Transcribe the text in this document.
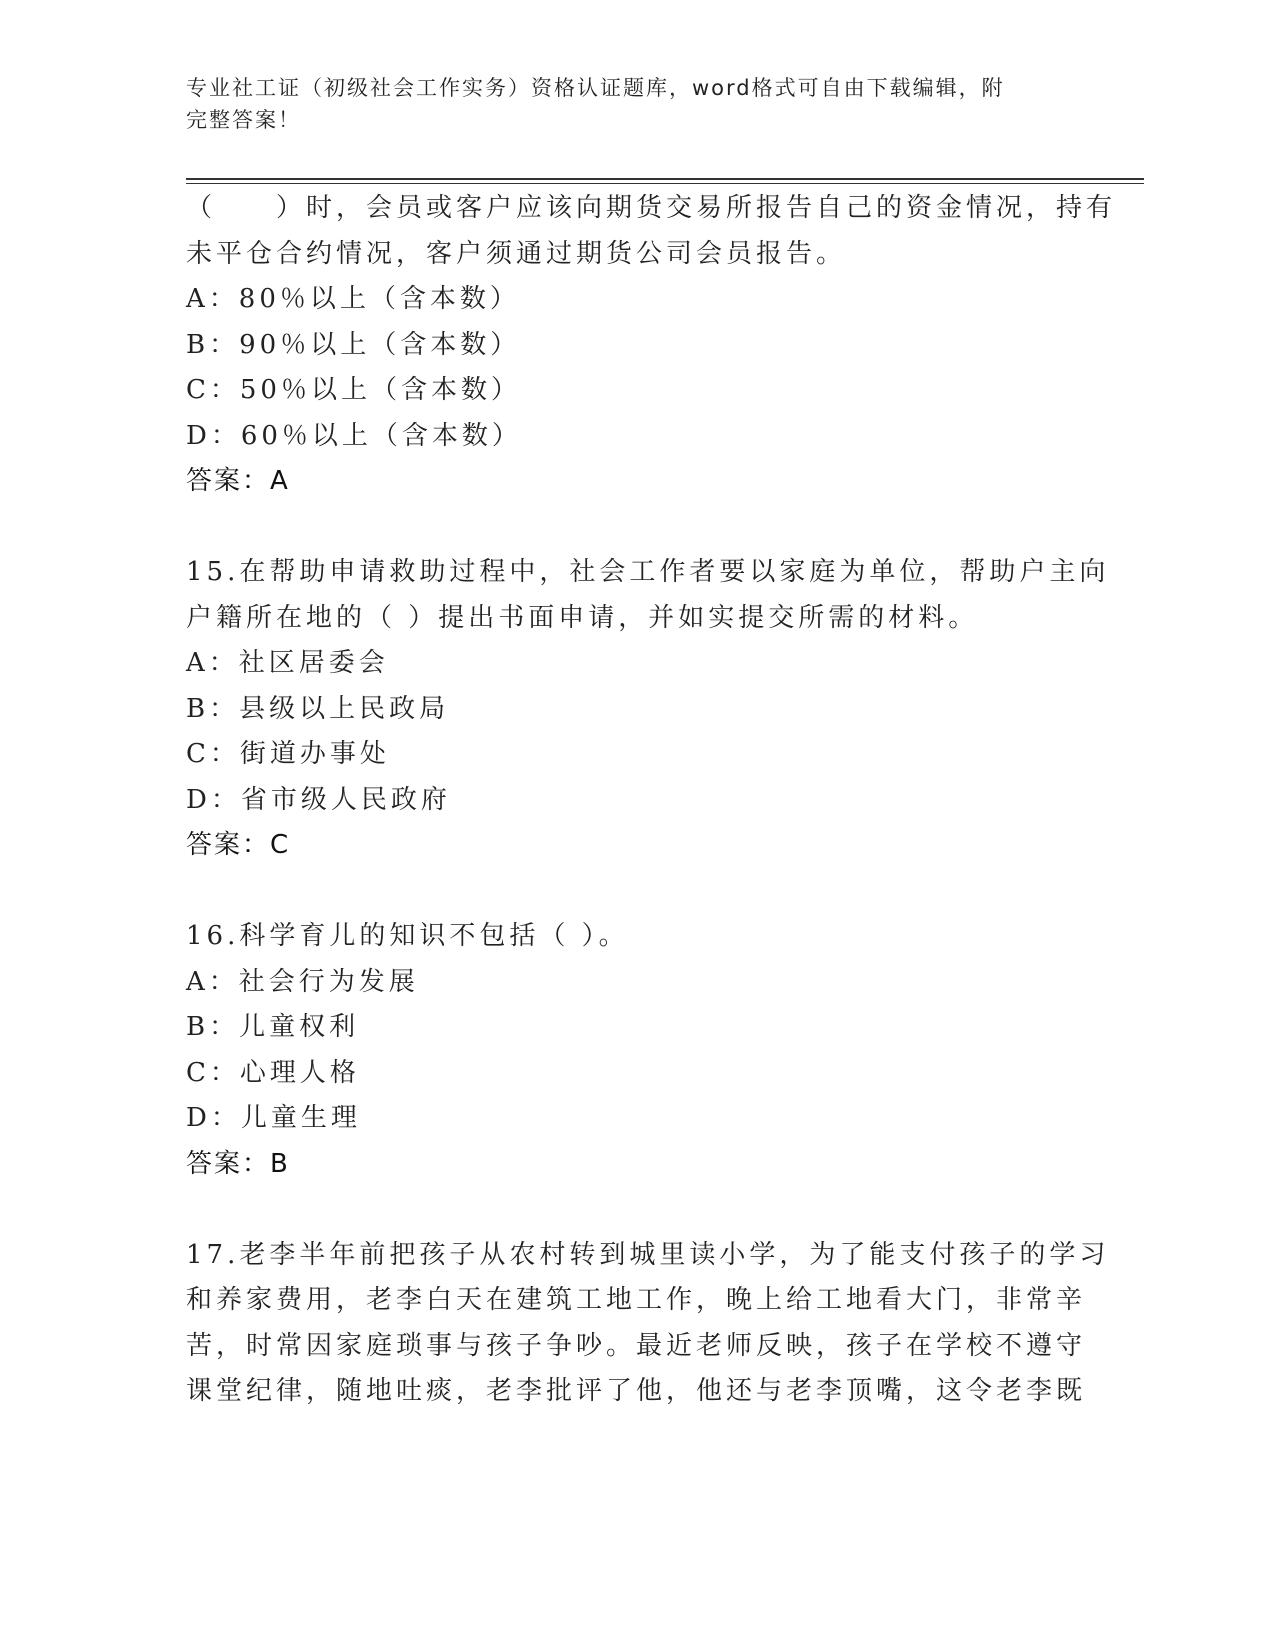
专业社工证（初级社会工作实务）资格认证题库，word格式可自由下载编辑，附
完整答案！
（　　）时，会员或客户应该向期货交易所报告自己的资金情况，持有
未平仓合约情况，客户须通过期货公司会员报告。
A：80％以上（含本数）
B：90％以上（含本数）
C：50％以上（含本数）
D：60％以上（含本数）
答案：A
15.在帮助申请救助过程中，社会工作者要以家庭为单位，帮助户主向
户籍所在地的（ ）提出书面申请，并如实提交所需的材料。
A：社区居委会
B：县级以上民政局
C：街道办事处
D：省市级人民政府
答案：C
16.科学育儿的知识不包括（ ）。
A：社会行为发展
B：儿童权利
C：心理人格
D：儿童生理
答案：B
17.老李半年前把孩子从农村转到城里读小学，为了能支付孩子的学习
和养家费用，老李白天在建筑工地工作，晚上给工地看大门，非常辛
苦，时常因家庭琐事与孩子争吵。最近老师反映，孩子在学校不遵守
课堂纪律，随地吐痰，老李批评了他，他还与老李顶嘴，这令老李既
